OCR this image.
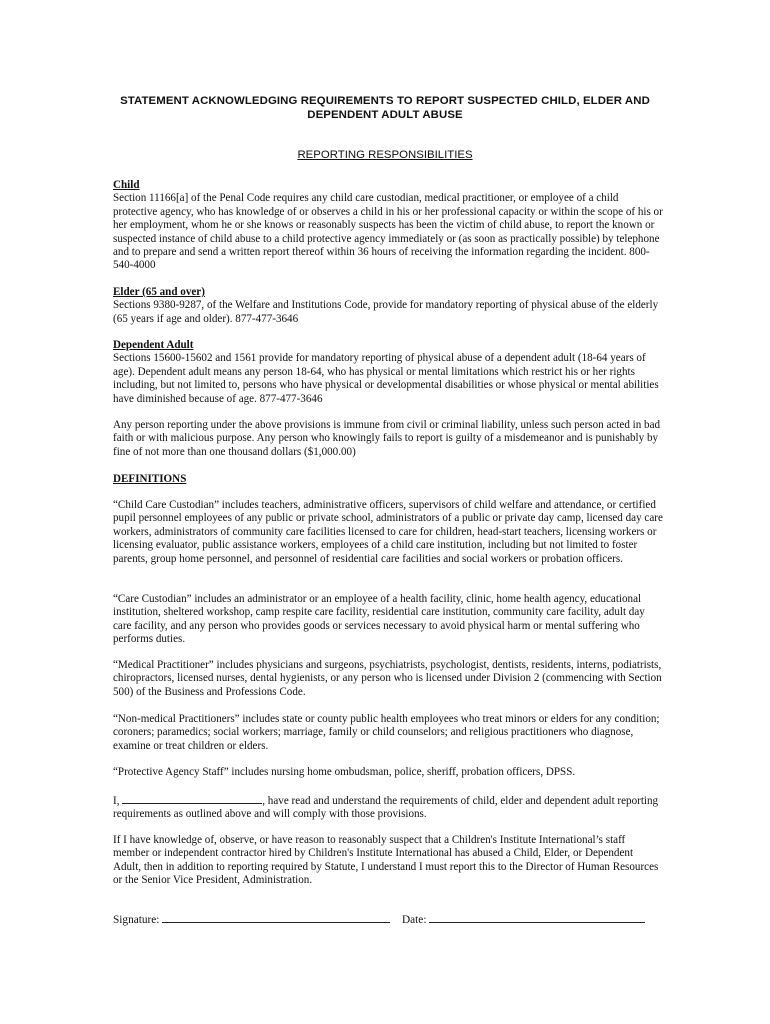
STATEMENT ACKNOWLEDGING REQUIREMENTS TO REPORT SUSPECTED CHILD, ELDER AND
DEPENDENT ADULT ABUSE
REPORTING RESPONSIBILITIES

Child

Section 11166[a] of the Penal Code requires any child care custodian, medical practitioner, or employee of a child protective agency, who has knowledge of or observes a child in his or her professional capacity or within the scope of his or her employment, whom he or she knows or reasonably suspects has been the victim of child abuse, to report the known or suspected instance of child abuse to a child protective agency immediately or (as soon as practically possible) by telephone and to prepare and send a written report thereof within 36 hours of receiving the information regarding the incident. 800-540-4000

Elder (65 and over)

Sections 9380-9287, of the Welfare and Institutions Code, provide for mandatory reporting of physical abuse of the elderly (65 years if age and older). 877-477-3646

Dependent Adult

Sections 15600-15602 and 1561 provide for mandatory reporting of physical abuse of a dependent adult (18-64 years of age). Dependent adult means any person 18-64, who has physical or mental limitations which restrict his or her rights including, but not limited to, persons who have physical or developmental disabilities or whose physical or mental abilities have diminished because of age. 877-477-3646

Any person reporting under the above provisions is immune from civil or criminal liability, unless such person acted in bad faith or with malicious purpose. Any person who knowingly fails to report is guilty of a misdemeanor and is punishably by fine of not more than one thousand dollars ($1,000.00)

DEFINITIONS

“Child Care Custodian” includes teachers, administrative officers, supervisors of child welfare and attendance, or certified pupil personnel employees of any public or private school, administrators of a public or private day camp, licensed day care workers, administrators of community care facilities licensed to care for children, head-start teachers, licensing workers or licensing evaluator, public assistance workers, employees of a child care institution, including but not limited to foster parents, group home personnel, and personnel of residential care facilities and social workers or probation officers.

“Care Custodian” includes an administrator or an employee of a health facility, clinic, home health agency, educational institution, sheltered workshop, camp respite care facility, residential care institution, community care facility, adult day care facility, and any person who provides goods or services necessary to avoid physical harm or mental suffering who performs duties.

“Medical Practitioner” includes physicians and surgeons, psychiatrists, psychologist, dentists, residents, interns, podiatrists, chiropractors, licensed nurses, dental hygienists, or any person who is licensed under Division 2 (commencing with Section 500) of the Business and Professions Code.

“Non-medical Practitioners” includes state or county public health employees who treat minors or elders for any condition; coroners; paramedics; social workers; marriage, family or child counselors; and religious practitioners who diagnose, examine or treat children or elders.

“Protective Agency Staff” includes nursing home ombudsman, police, sheriff, probation officers, DPSS.

I,	, have read and understand the requirements of child, elder and dependent adult reporting requirements as outlined above and will comply with those provisions.

If I have knowledge of, observe, or have reason to reasonably suspect that a Children's Institute International’s staff member or independent contractor hired by Children's Institute International has abused a Child, Elder, or Dependent Adult, then in addition to reporting required by Statute, I understand I must report this to the Director of Human Resources or the Senior Vice President, Administration.

Signature:	Date:
